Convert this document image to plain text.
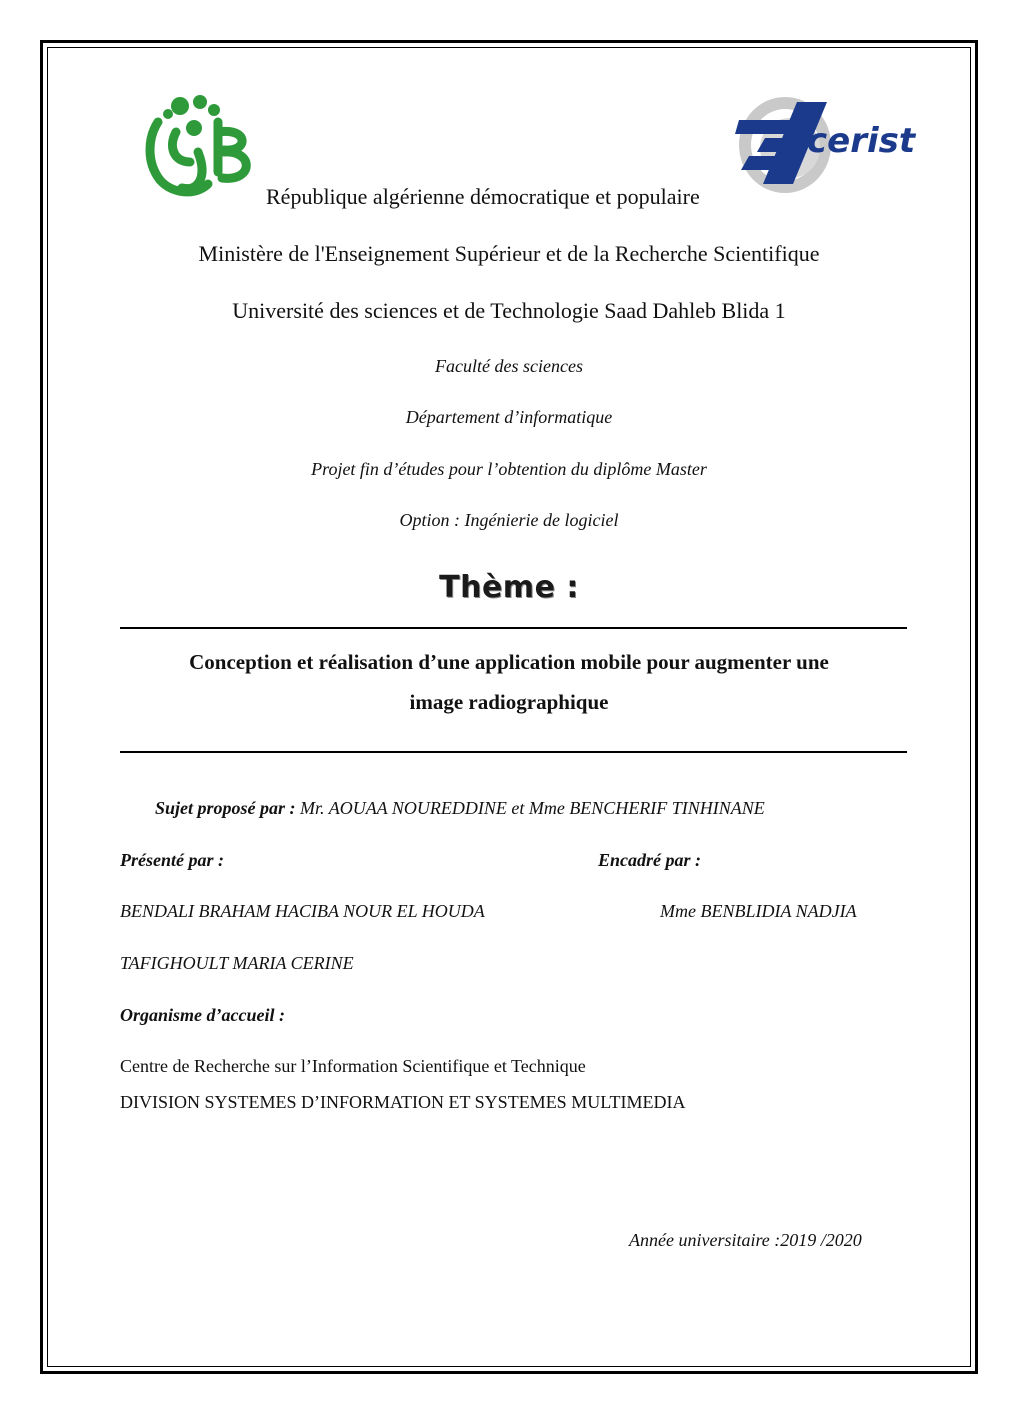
cerist
République algérienne démocratique et populaire
Ministère de l'Enseignement Supérieur et de la Recherche Scientifique
Université des sciences et de Technologie Saad Dahleb Blida 1
Faculté des sciences
Département d’informatique
Projet fin d’études pour l’obtention du diplôme Master
Option : Ingénierie de logiciel
Thème :
Conception et réalisation d’une application mobile pour augmenter une
image radiographique
Sujet proposé par : Mr. AOUAA NOUREDDINE et Mme BENCHERIF TINHINANE
Présenté par :	Encadré par :
BENDALI BRAHAM HACIBA NOUR EL HOUDA	Mme BENBLIDIA NADJIA
TAFIGHOULT MARIA CERINE
Organisme d’accueil :
Centre de Recherche sur l’Information Scientifique et Technique
DIVISION SYSTEMES D’INFORMATION ET SYSTEMES MULTIMEDIA
Année universitaire :2019 /2020
